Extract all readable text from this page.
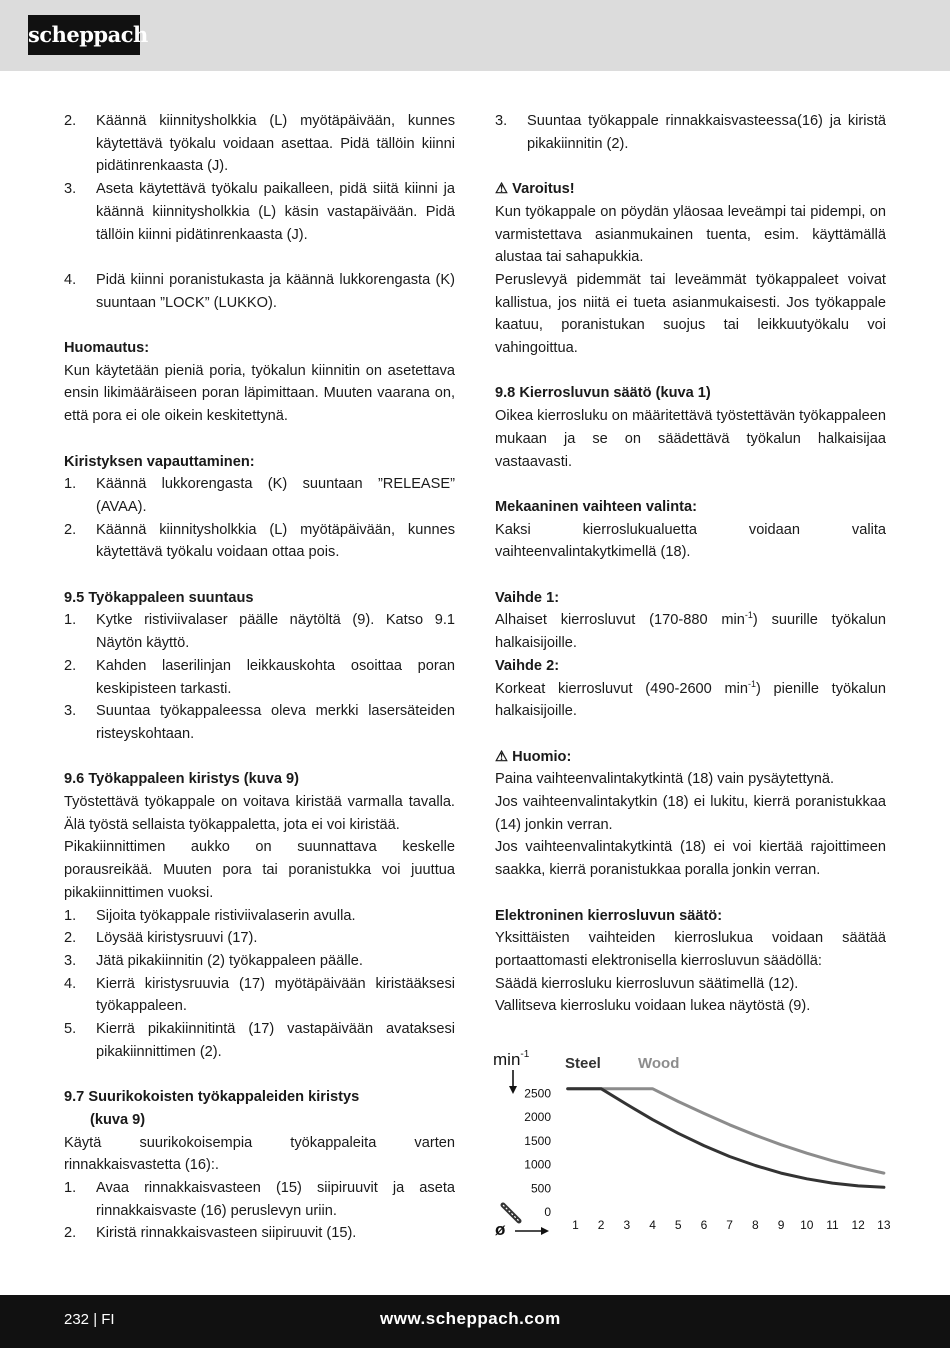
scheppach
2.	Käännä kiinnitysholkkia (L) myötäpäivään, kunnes käytettävä työkalu voidaan asettaa. Pidä tällöin kiinni pidätinrenkaasta (J).
3.	Aseta käytettävä työkalu paikalleen, pidä siitä kiinni ja käännä kiinnitysholkkia (L) käsin vastapäivään. Pidä tällöin kiinni pidätinrenkaasta (J).
4.	Pidä kiinni poranistukasta ja käännä lukkorengasta (K) suuntaan ”LOCK” (LUKKO).
Huomautus:
Kun käytetään pieniä poria, työkalun kiinnitin on asetettava ensin likimääräiseen poran läpimittaan. Muuten vaarana on, että pora ei ole oikein keskitettynä.
Kiristyksen vapauttaminen:
1.	Käännä lukkorengasta (K) suuntaan ”RELEASE” (AVAA).
2.	Käännä kiinnitysholkkia (L) myötäpäivään, kunnes käytettävä työkalu voidaan ottaa pois.
9.5 Työkappaleen suuntaus
1.	Kytke ristiviivalaser päälle näytöltä (9). Katso 9.1 Näytön käyttö.
2.	Kahden laserilinjan leikkauskohta osoittaa poran keskipisteen tarkasti.
3.	Suuntaa työkappaleessa oleva merkki lasersäteiden risteyskohtaan.
9.6 Työkappaleen kiristys (kuva 9)
Työstettävä työkappale on voitava kiristää varmalla tavalla. Älä työstä sellaista työkappaletta, jota ei voi kiristää.
Pikakiinnittimen aukko on suunnattava keskelle porausreikää. Muuten pora tai poranistukka voi juuttua pikakiinnittimen vuoksi.
1.	Sijoita työkappale ristiviivalaserin avulla.
2.	Löysää kiristysruuvi (17).
3.	Jätä pikakiinnitin (2) työkappaleen päälle.
4.	Kierrä kiristysruuvia (17) myötäpäivään kiristääksesi työkappaleen.
5.	Kierrä pikakiinnitintä (17) vastapäivään avataksesi pikakiinnittimen (2).
9.7 Suurikokoisten työkappaleiden kiristys
(kuva 9)
Käytä suurikokoisempia työkappaleita varten rinnakkaisvastetta (16):.
1.	Avaa rinnakkaisvasteen (15) siipiruuvit ja aseta rinnakkaisvaste (16) peruslevyn uriin.
2.	Kiristä rinnakkaisvasteen siipiruuvit (15).
3.	Suuntaa työkappale rinnakkaisvasteessa(16) ja kiristä pikakiinnitin (2).
⚠ Varoitus!
Kun työkappale on pöydän yläosaa leveämpi tai pidempi, on varmistettava asianmukainen tuenta, esim. käyttämällä alustaa tai sahapukkia.
Peruslevyä pidemmät tai leveämmät työkappaleet voivat kallistua, jos niitä ei tueta asianmukaisesti. Jos työkappale kaatuu, poranistukan suojus tai leikkuutyökalu voi vahingoittua.
9.8 Kierrosluvun säätö (kuva 1)
Oikea kierrosluku on määritettävä työstettävän työkappaleen mukaan ja se on säädettävä työkalun halkaisijaa vastaavasti.
Mekaaninen vaihteen valinta:
Kaksi kierroslukualuetta voidaan valita vaihteenvalintakytkimellä (18).
Vaihde 1:
Alhaiset kierrosluvut (170-880 $\min^{-1}$) suurille työkalun halkaisijoille.
Vaihde 2:
Korkeat kierrosluvut (490-2600 $\min^{-1}$) pienille työkalun halkaisijoille.
⚠ Huomio:
Paina vaihteenvalintakytkintä (18) vain pysäytettynä.
Jos vaihteenvalintakytkin (18) ei lukitu, kierrä poranistukkaa (14) jonkin verran.
Jos vaihteenvalintakytkintä (18) ei voi kiertää rajoittimeen saakka, kierrä poranistukkaa poralla jonkin verran.
Elektroninen kierrosluvun säätö:
Yksittäisten vaihteiden kierroslukua voidaan säätää portaattomasti elektronisella kierrosluvun säädöllä:
Säädä kierrosluku kierrosluvun säätimellä (12).
Vallitseva kierrosluku voidaan lukea näytöstä (9).
$\min^{-1}$
Steel Wood
0
500
1000
1500
2000
2500
1 2 3 4 5 6 7 8 9 10 11 12 13
ø
232 | FI	www.scheppach.com
